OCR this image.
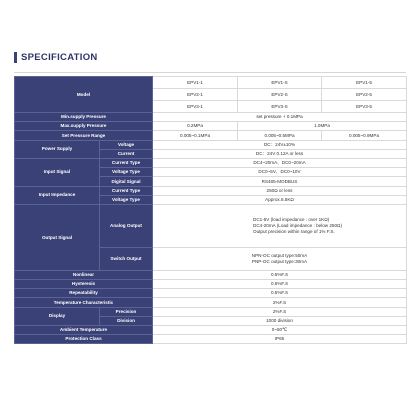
SPECIFICATION
Model		EPV1-1	EPV1-S	EPV1-5
		EPV2-1	EPV2-S	EPV2-5
		EPV3-1	EPV3-S	EPV3-5
Min.supply Pressure		set pressure + 0.1MPa		
Max.supply Pressure		0.2MPa	1.0MPa	
Set Pressure Range		0.005~0.1MPa	0.005~0.5MPa	0.005~0.9MPa
Power Supply	Voltage	DC：24V±10%		
	Current	DC：24V 0.12A or less		
Input Signal	Current Type	DC4~20mA、DC0~20mA		
	Voltage Type	DC0~5V、DC0~10V		
	Digital Signal	RS485-MODBUS		
Input Impedance	Current Type	250Ω or less		
	Voltage Type	Approx.6.5KΩ		
Output Signal	Analog Output	DC1-5V (load impedance : over 1KΩ)
DC4-20mA (Load impedance : below 250Ω)
Output precision within range of 1% F.S.		

	Switch Output	NPN-OC output type:50mA
PNP-OC output type:30mA		

Nonlinear		0.5%F.S		
Hysteresis		0.5%F.S		
Repeatability		0.5%F.S		
Temperature Characteristic		2%F.S		
Display	Precision	2%F.S		
	Division	1000 division		
Ambient Temperature		0~50℃		
Protection Class		IP65		
